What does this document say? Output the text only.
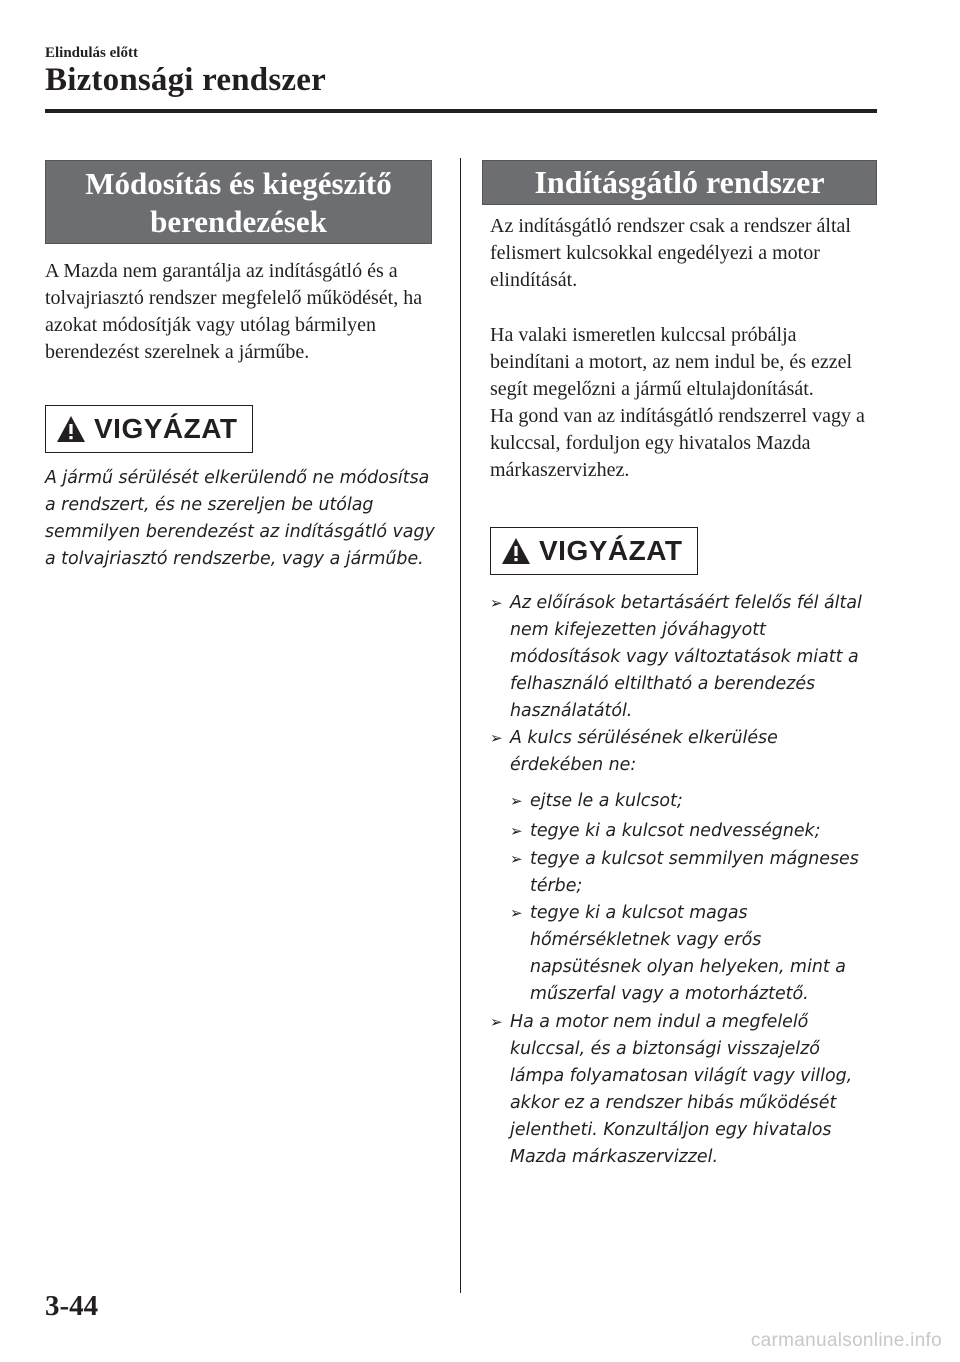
Elindulás előtt
Biztonsági rendszer
Módosítás és kiegészítő berendezések
A Mazda nem garantálja az indításgátló és a tolvajriasztó rendszer megfelelő működését, ha azokat módosítják vagy utólag bármilyen berendezést szerelnek a járműbe.
VIGYÁZAT
A jármű sérülését elkerülendő ne módosítsa a rendszert, és ne szereljen be utólag semmilyen berendezést az indításgátló vagy a tolvajriasztó rendszerbe, vagy a járműbe.
Indításgátló rendszer
Az indításgátló rendszer csak a rendszer által felismert kulcsokkal engedélyezi a motor elindítását.
Ha valaki ismeretlen kulccsal próbálja beindítani a motort, az nem indul be, és ezzel segít megelőzni a jármű eltulajdonítását.
Ha gond van az indításgátló rendszerrel vagy a kulccsal, forduljon egy hivatalos Mazda márkaszervizhez.
VIGYÁZAT
➢ Az előírások betartásáért felelős fél által nem kifejezetten jóváhagyott módosítások vagy változtatások miatt a felhasználó eltiltható a berendezés használatától.
➢ A kulcs sérülésének elkerülése érdekében ne:
➢ ejtse le a kulcsot;
➢ tegye ki a kulcsot nedvességnek;
➢ tegye a kulcsot semmilyen mágneses térbe;
➢ tegye ki a kulcsot magas hőmérsékletnek vagy erős napsütésnek olyan helyeken, mint a műszerfal vagy a motorháztető.
➢ Ha a motor nem indul a megfelelő kulccsal, és a biztonsági visszajelző lámpa folyamatosan világít vagy villog, akkor ez a rendszer hibás működését jelentheti. Konzultáljon egy hivatalos Mazda márkaszervizzel.
3-44
carmanualsonline.info
